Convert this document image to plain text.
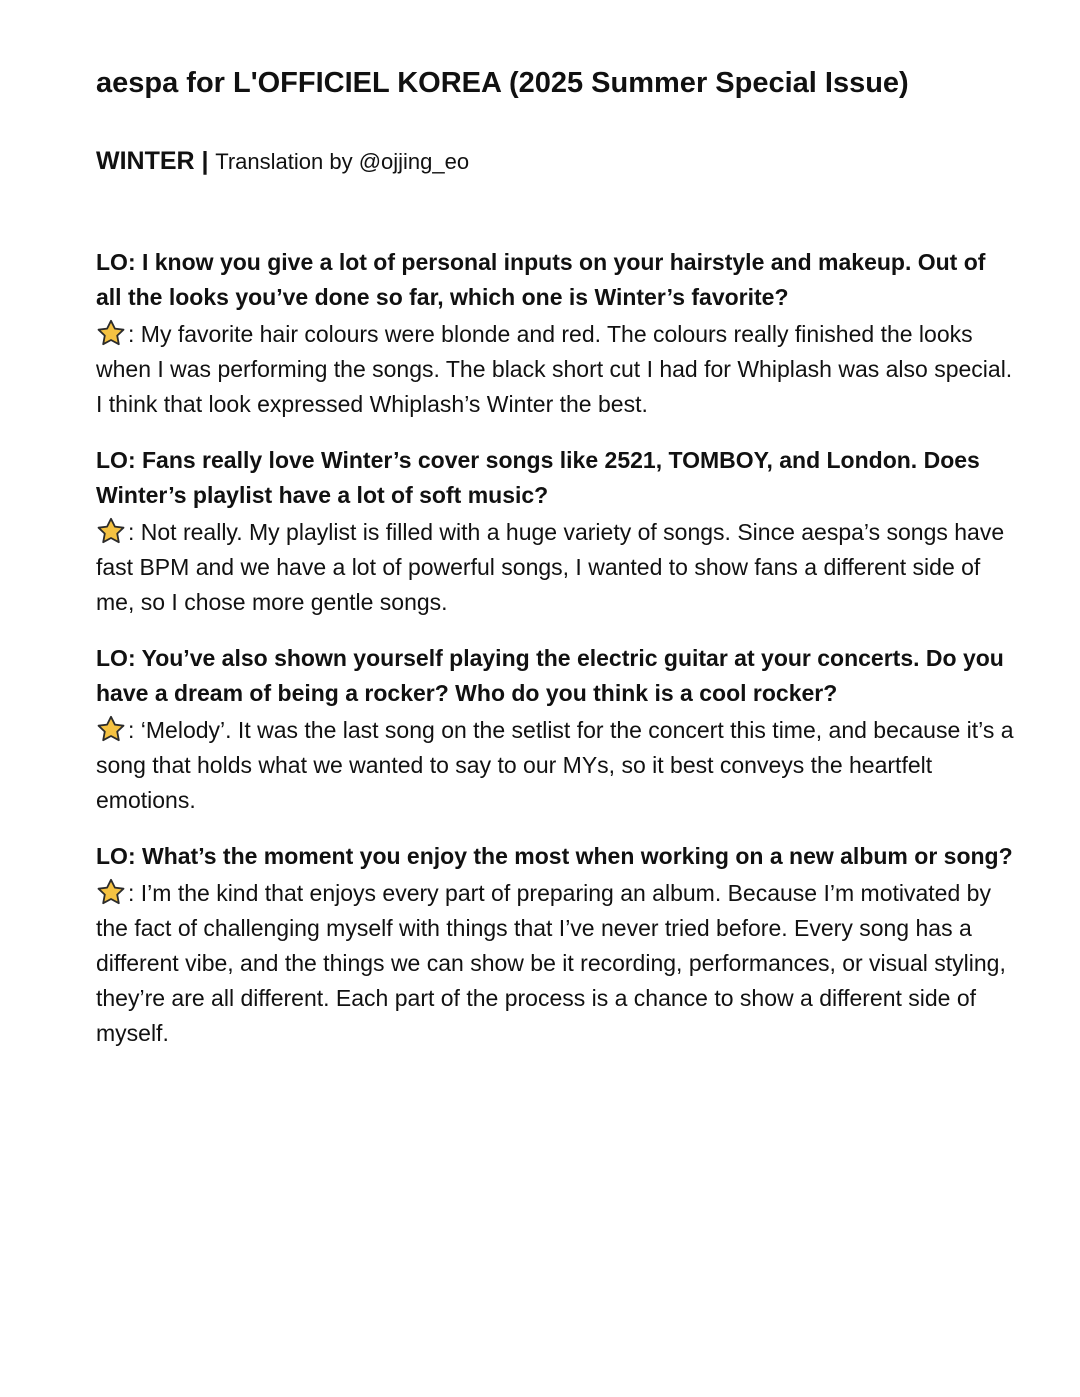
aespa for L'OFFICIEL KOREA (2025 Summer Special Issue)
WINTER | Translation by @ojjing_eo

LO: I know you give a lot of personal inputs on your hairstyle and makeup. Out of all the looks you’ve done so far, which one is Winter’s favorite?

: My favorite hair colours were blonde and red. The colours really finished the looks when I was performing the songs. The black short cut I had for Whiplash was also special. I think that look expressed Whiplash’s Winter the best.

LO: Fans really love Winter’s cover songs like 2521, TOMBOY, and London. Does Winter’s playlist have a lot of soft music?

: Not really. My playlist is filled with a huge variety of songs. Since aespa’s songs have fast BPM and we have a lot of powerful songs, I wanted to show fans a different side of me, so I chose more gentle songs.

LO: You’ve also shown yourself playing the electric guitar at your concerts. Do you have a dream of being a rocker? Who do you think is a cool rocker?

: ‘Melody’. It was the last song on the setlist for the concert this time, and because it’s a song that holds what we wanted to say to our MYs, so it best conveys the heartfelt emotions.

LO: What’s the moment you enjoy the most when working on a new album or song?

: I’m the kind that enjoys every part of preparing an album. Because I’m motivated by the fact of challenging myself with things that I’ve never tried before. Every song has a different vibe, and the things we can show be it recording, performances, or visual styling, they’re are all different. Each part of the process is a chance to show a different side of myself.
